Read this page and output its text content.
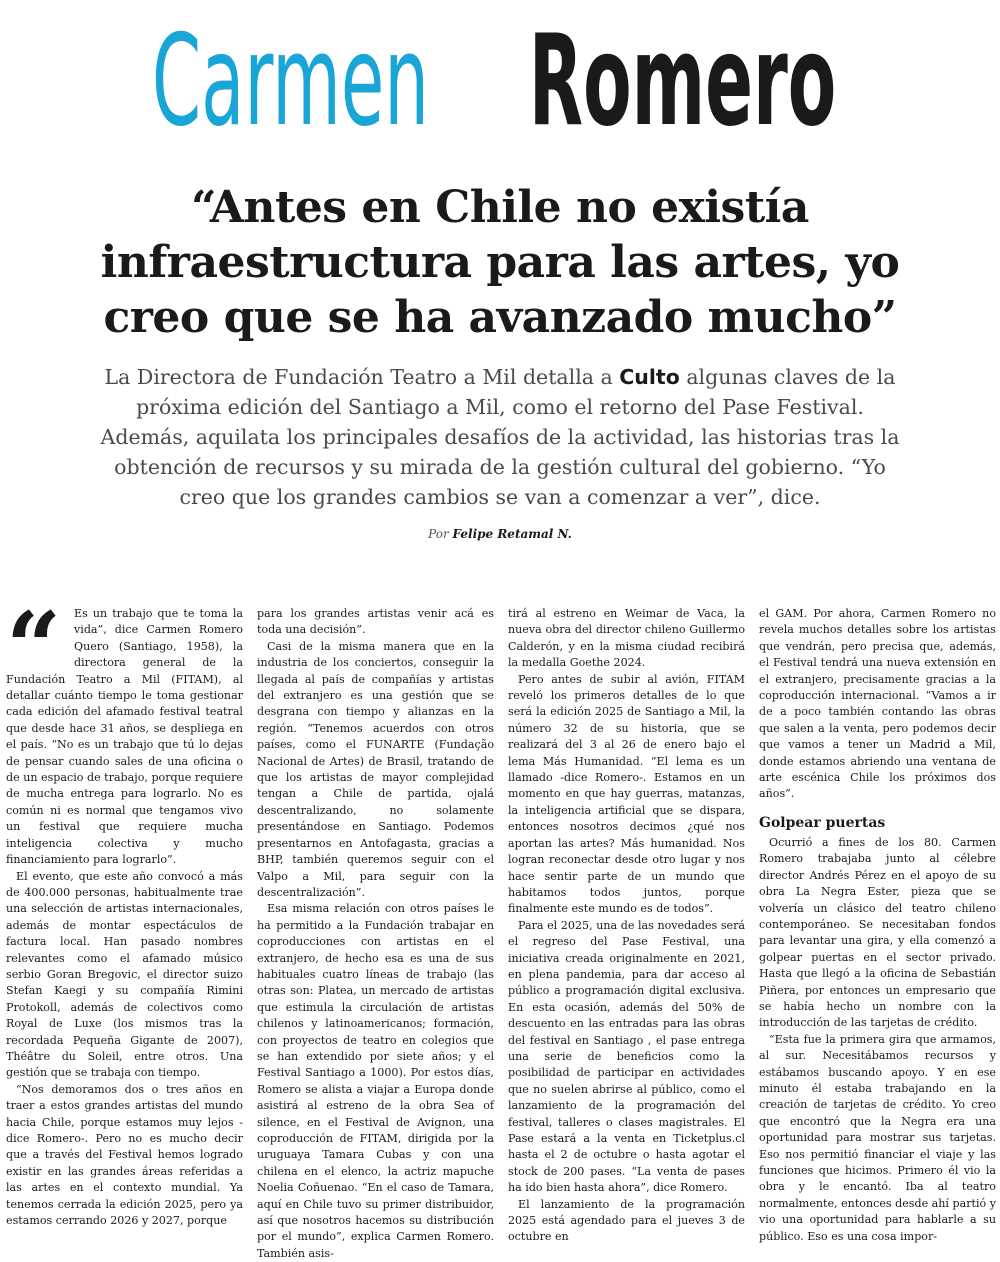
Carmen Romero
“Antes en Chile no existía infraestructura para las artes, yo creo que se ha avanzado mucho”
La Directora de Fundación Teatro a Mil detalla a Culto algunas claves de la próxima edición del Santiago a Mil, como el retorno del Pase Festival. Además, aquilata los principales desafíos de la actividad, las historias tras la obtención de recursos y su mirada de la gestión cultural del gobierno. “Yo creo que los grandes cambios se van a comenzar a ver”, dice.
Por Felipe Retamal N.
“	Es un trabajo que te toma la vida”, dice Carmen Romero Quero (Santiago, 1958), la directora general de la Fundación Teatro a Mil (FITAM), al detallar cuánto tiempo le toma gestionar cada edición del afamado festival teatral que desde hace 31 años, se despliega en el país. “No es un trabajo que tú lo dejas de pensar cuando sales de una oficina o de un espacio de trabajo, porque requiere de mucha entrega para lograrlo. No es común ni es normal que tengamos vivo un festival que requiere mucha inteligencia colectiva y mucho financiamiento para lograrlo”.

El evento, que este año convocó a más de 400.000 personas, habitualmente trae una selección de artistas internacionales, además de montar espectáculos de factura local. Han pasado nombres relevantes como el afamado músico serbio Goran Bregovic, el director suizo Stefan Kaegi y su compañía Rimini Protokoll, además de colectivos como Royal de Luxe (los mismos tras la recordada Pequeña Gigante de 2007), Théâtre du Soleil, entre otros. Una gestión que se trabaja con tiempo.

“Nos demoramos dos o tres años en traer a estos grandes artistas del mundo hacia Chile, porque estamos muy lejos -dice Romero-. Pero no es mucho decir que a través del Festival hemos logrado existir en las grandes áreas referidas a las artes en el contexto mundial. Ya tenemos cerrada la edición 2025, pero ya estamos cerrando 2026 y 2027, porque

para los grandes artistas venir acá es toda una decisión”.

Casi de la misma manera que en la industria de los conciertos, conseguir la llegada al país de compañías y artistas del extranjero es una gestión que se desgrana con tiempo y alianzas en la región. “Tenemos acuerdos con otros países, como el FUNARTE (Fundação Nacional de Artes) de Brasil, tratando de que los artistas de mayor complejidad tengan a Chile de partida, ojalá descentralizando, no solamente presentándose en Santiago. Podemos presentarnos en Antofagasta, gracias a BHP, también queremos seguir con el Valpo a Mil, para seguir con la descentralización”.

Esa misma relación con otros países le ha permitido a la Fundación trabajar en coproducciones con artistas en el extranjero, de hecho esa es una de sus habituales cuatro líneas de trabajo (las otras son: Platea, un mercado de artistas que estimula la circulación de artistas chilenos y latinoamericanos; formación, con proyectos de teatro en colegios que se han extendido por siete años; y el Festival Santiago a 1000). Por estos días, Romero se alista a viajar a Europa donde asistirá al estreno de la obra Sea of silence, en el Festival de Avignon, una coproducción de FITAM, dirigida por la uruguaya Tamara Cubas y con una chilena en el elenco, la actriz mapuche Noelia Coñuenao. “En el caso de Tamara, aquí en Chile tuvo su primer distribuidor, así que nosotros hacemos su distribución por el mundo”, explica Carmen Romero. También asis-

tirá al estreno en Weimar de Vaca, la nueva obra del director chileno Guillermo Calderón, y en la misma ciudad recibirá la medalla Goethe 2024.

Pero antes de subir al avión, FITAM reveló los primeros detalles de lo que será la edición 2025 de Santiago a Mil, la número 32 de su historia, que se realizará del 3 al 26 de enero bajo el lema Más Humanidad. “El lema es un llamado -dice Romero-. Estamos en un momento en que hay guerras, matanzas, la inteligencia artificial que se dispara, entonces nosotros decimos ¿qué nos aportan las artes? Más humanidad. Nos logran reconectar desde otro lugar y nos hace sentir parte de un mundo que habitamos todos juntos, porque finalmente este mundo es de todos”.

Para el 2025, una de las novedades será el regreso del Pase Festival, una iniciativa creada originalmente en 2021, en plena pandemia, para dar acceso al público a programación digital exclusiva. En esta ocasión, además del 50% de descuento en las entradas para las obras del festival en Santiago , el pase entrega una serie de beneficios como la posibilidad de participar en actividades que no suelen abrirse al público, como el lanzamiento de la programación del festival, talleres o clases magistrales. El Pase estará a la venta en Ticketplus.cl hasta el 2 de octubre o hasta agotar el stock de 200 pases. “La venta de pases ha ido bien hasta ahora”, dice Romero.

El lanzamiento de la programación 2025 está agendado para el jueves 3 de octubre en

el GAM. Por ahora, Carmen Romero no revela muchos detalles sobre los artistas que vendrán, pero precisa que, además, el Festival tendrá una nueva extensión en el extranjero, precisamente gracias a la coproducción internacional. “Vamos a ir de a poco también contando las obras que salen a la venta, pero podemos decir que vamos a tener un Madrid a Mil, donde estamos abriendo una ventana de arte escénica Chile los próximos dos años”.

Golpear puertas

Ocurrió a fines de los 80. Carmen Romero trabajaba junto al célebre director Andrés Pérez en el apoyo de su obra La Negra Ester, pieza que se volvería un clásico del teatro chileno contemporáneo. Se necesitaban fondos para levantar una gira, y ella comenzó a golpear puertas en el sector privado. Hasta que llegó a la oficina de Sebastián Piñera, por entonces un empresario que se había hecho un nombre con la introducción de las tarjetas de crédito.

“Esta fue la primera gira que armamos, al sur. Necesitábamos recursos y estábamos buscando apoyo. Y en ese minuto él estaba trabajando en la creación de tarjetas de crédito. Yo creo que encontró que la Negra era una oportunidad para mostrar sus tarjetas. Eso nos permitió financiar el viaje y las funciones que hicimos. Primero él vio la obra y le encantó. Iba al teatro normalmente, entonces desde ahí partió y vio una oportunidad para hablarle a su público. Eso es una cosa impor-
